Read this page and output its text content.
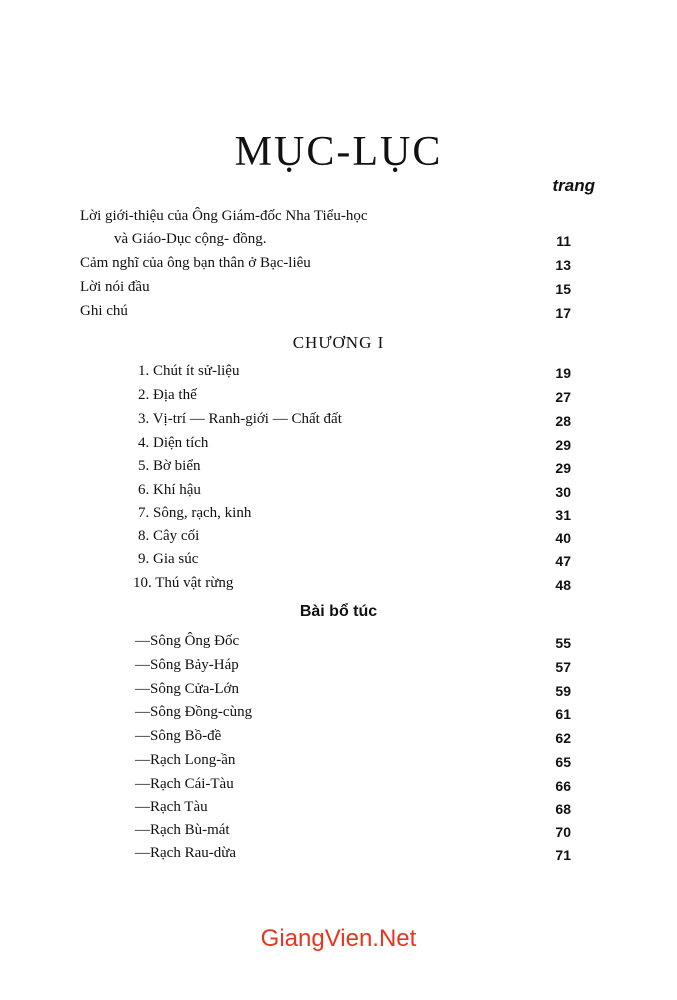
MỤC-LỤC
trang
Lời giới-thiệu của Ông Giám-đốc Nha Tiểu-học
và Giáo-Dục cộng- đồng.	11
Cảm nghĩ của ông bạn thân ở Bạc-liêu	13
Lời nói đầu	15
Ghi chú	17
CHƯƠNG I
1. Chút ít sử-liệu	19
2. Địa thế	27
3. Vị-trí — Ranh-giới — Chất đất	28
4. Diện tích	29
5. Bờ biển	29
6. Khí hậu	30
7. Sông, rạch, kinh	31
8. Cây cối	40
9. Gia súc	47
10. Thú vật rừng	48
Bài bổ túc
—Sông Ông Đốc	55
—Sông Bảy-Háp	57
—Sông Cửa-Lớn	59
—Sông Đồng-cùng	61
—Sông Bồ-đề	62
—Rạch Long-ần	65
—Rạch Cái-Tàu	66
—Rạch Tàu	68
—Rạch Bù-mát	70
—Rạch Rau-dừa	71
GiangVien.Net
